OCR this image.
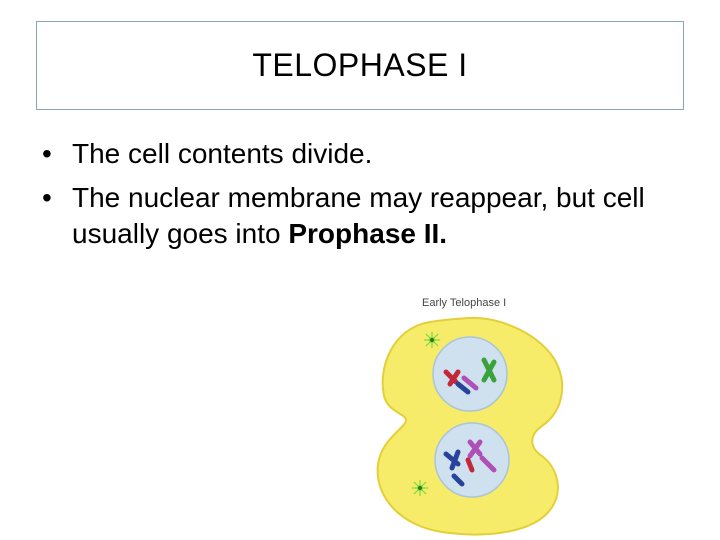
TELOPHASE I
• The cell contents divide.
• The nuclear membrane may reappear, but cell usually goes into Prophase II.
Early Telophase I
